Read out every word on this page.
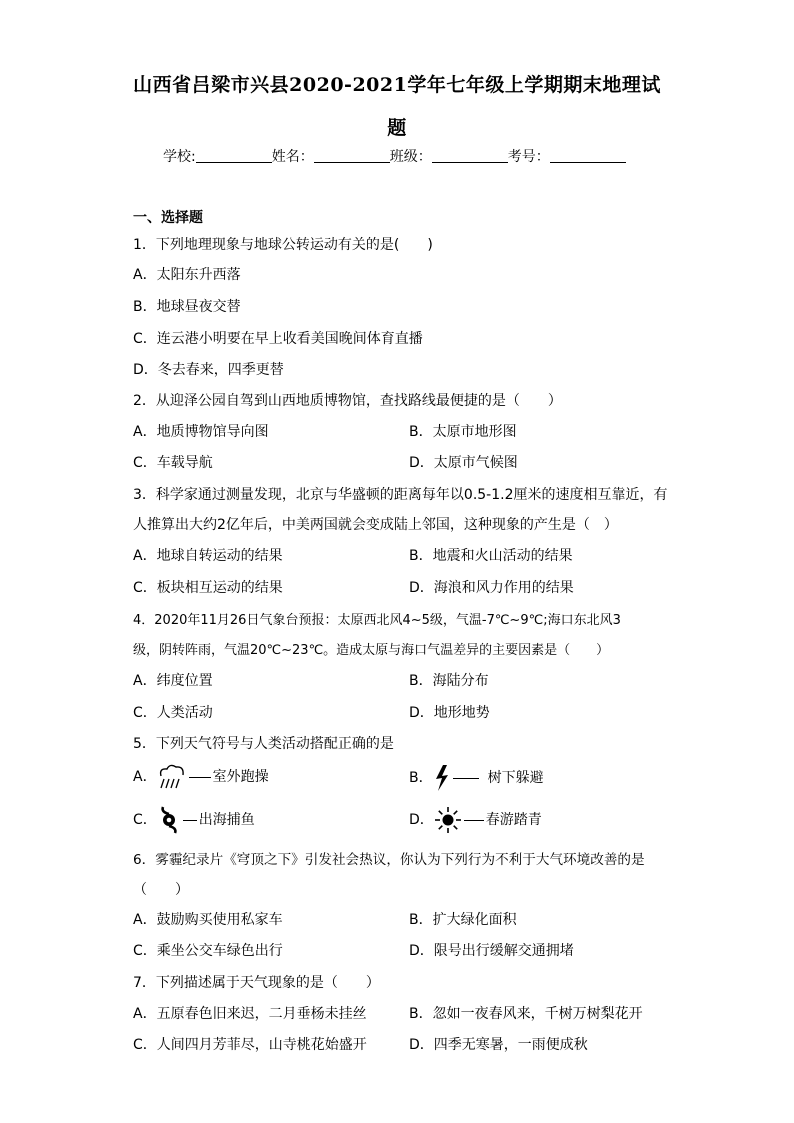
山西省吕梁市兴县2020-2021学年七年级上学期期末地理试
题
学校:	姓名：	班级：	考号：
一、选择题
1．下列地理现象与地球公转运动有关的是(　　)
A．太阳东升西落
B．地球昼夜交替
C．连云港小明要在早上收看美国晚间体育直播
D．冬去春来，四季更替
2．从迎泽公园自驾到山西地质博物馆，查找路线最便捷的是（　　）
A．地质博物馆导向图	B．太原市地形图
C．车载导航	D．太原市气候图
3．科学家通过测量发现，北京与华盛顿的距离每年以0.5-1.2厘米的速度相互靠近，有
人推算出大约2亿年后，中美两国就会变成陆上邻国，这种现象的产生是（　）
A．地球自转运动的结果	B．地震和火山活动的结果
C．板块相互运动的结果	D．海浪和风力作用的结果
4．2020年11月26日气象台预报：太原西北风4~5级，气温-7℃~9℃;海口东北风3
级，阴转阵雨，气温20℃~23℃。造成太原与海口气温差异的主要因素是（　　）
A．纬度位置	B．海陆分布
C．人类活动	D．地形地势
5．下列天气符号与人类活动搭配正确的是
A．	室外跑操	B． 	树下躲避
C．	出海捕鱼	D．	春游踏青
6．雾霾纪录片《穹顶之下》引发社会热议，你认为下列行为不利于大气环境改善的是
（　　）
A．鼓励购买使用私家车	B．扩大绿化面积
C．乘坐公交车绿色出行	D．限号出行缓解交通拥堵
7．下列描述属于天气现象的是（　　）
A．五原春色旧来迟，二月垂杨未挂丝	B．忽如一夜春风来，千树万树梨花开
C．人间四月芳菲尽，山寺桃花始盛开	D．四季无寒暑，一雨便成秋
